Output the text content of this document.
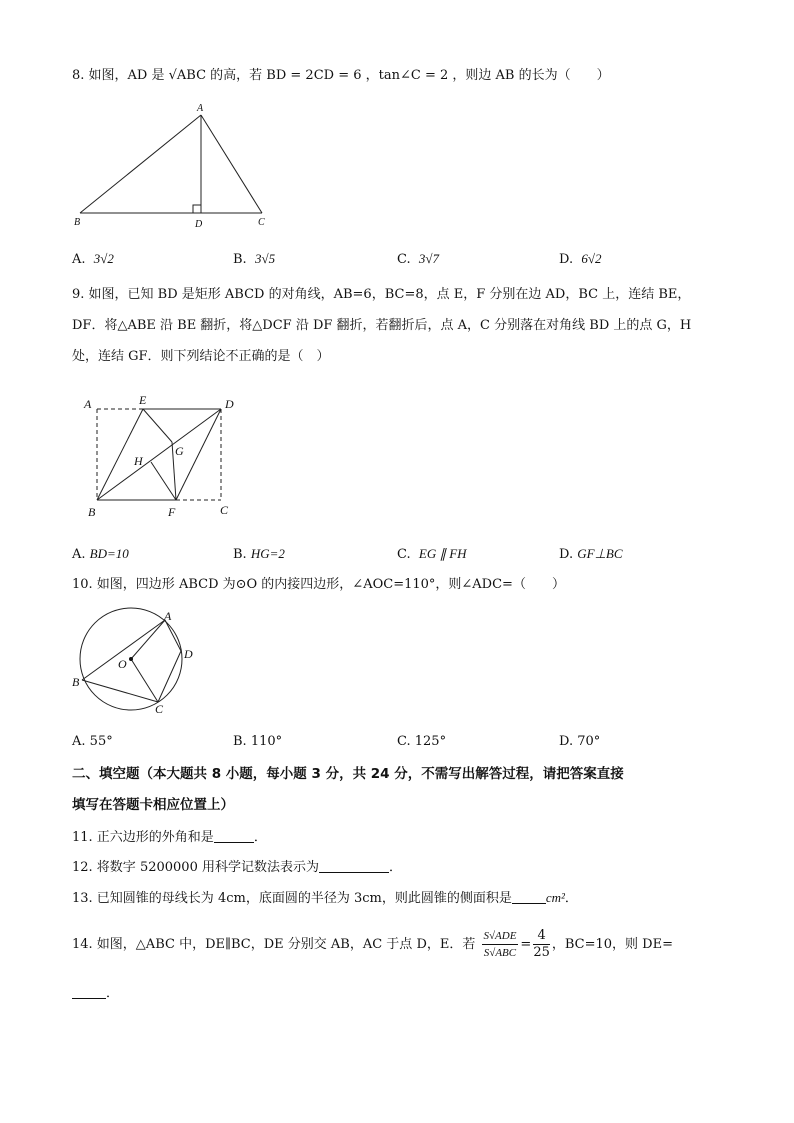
8. 如图，AD 是 √ABC 的高，若 BD = 2CD = 6 ，tan∠C = 2 ，则边 AB 的长为（　　）
A
B	C
D
A. 3√2	B. 3√5	C. 3√7	D. 6√2
9. 如图，已知 BD 是矩形 ABCD 的对角线，AB=6，BC=8，点 E，F 分别在边 AD，BC 上，连结 BE，
DF．将△ABE 沿 BE 翻折，将△DCF 沿 DF 翻折，若翻折后，点 A，C 分别落在对角线 BD 上的点 G，H
处，连结 GF．则下列结论不正确的是（　）
A	E	D
H
G
B	F	C
A. BD=10	B. HG=2	C. EG ∥ FH	D. GF⊥BC
10. 如图，四边形 ABCD 为⊙O 的内接四边形，∠AOC=110°，则∠ADC=（　　）
A
O
D
B
C
A. 55°	B. 110°	C. 125°	D. 70°
二、填空题（本大题共 8 小题，每小题 3 分，共 24 分，不需写出解答过程，请把答案直接
填写在答题卡相应位置上）
11. 正六边形的外角和是	．
12. 将数字 5200000 用科学记数法表示为	．
13. 已知圆锥的母线长为 4cm，底面圆的半径为 3cm，则此圆锥的侧面积是	cm²．
14. 如图，△ABC 中，DE∥BC，DE 分别交 AB，AC 于点 D，E．若 $\frac{\text{S√ADE}}{\text{S√ABC}} = \frac{4}{25}$ ，BC=10，则 DE=
．
